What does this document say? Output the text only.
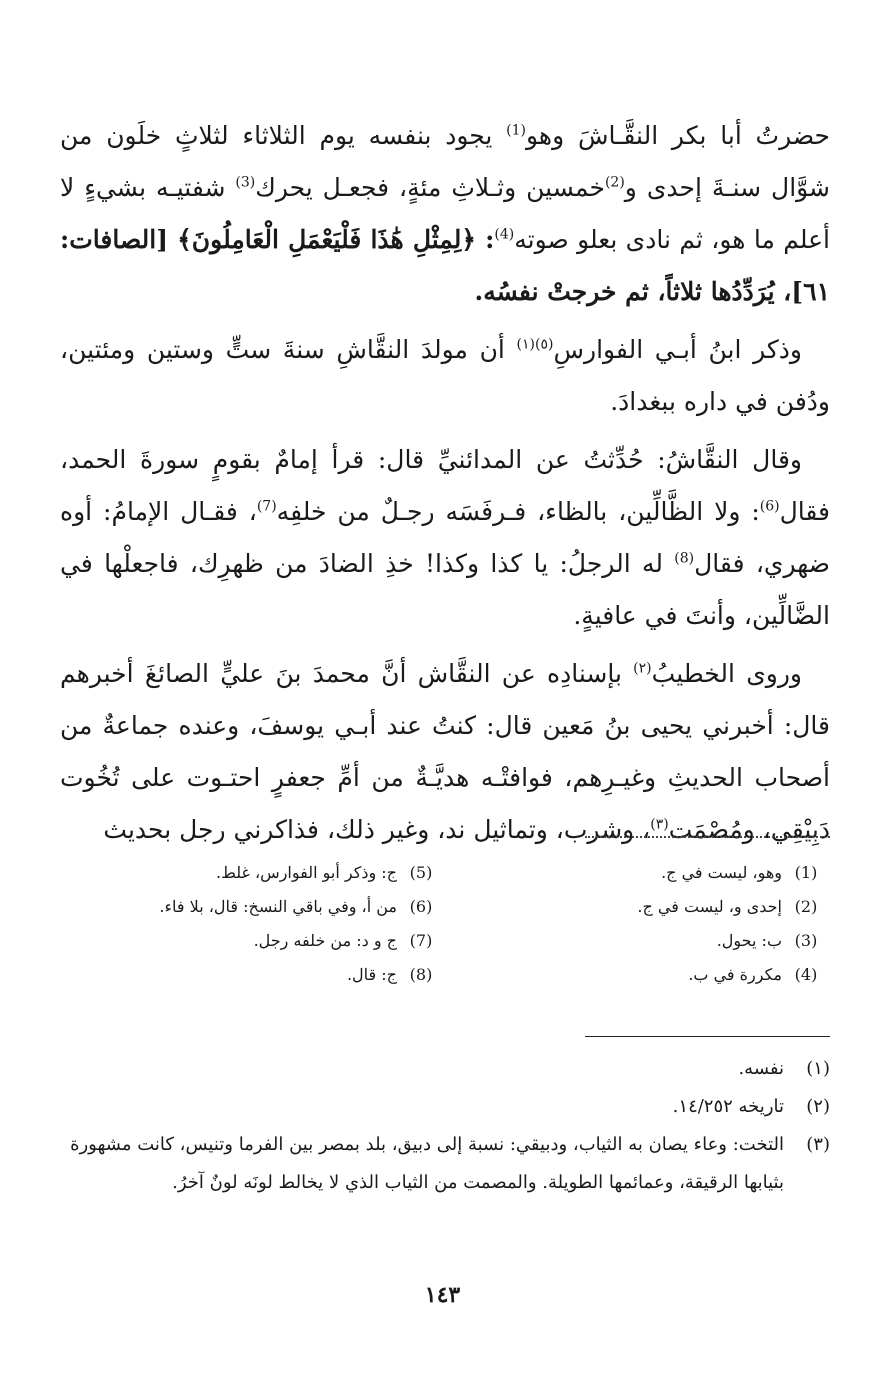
حضرتُ أبا بكر النقَّـاشَ وهو$^{(1)}$ يجود بنفسه يوم الثلاثاء لثلاثٍ خلَون من شوَّال سنـةَ إحدى و$^{(2)}$خمسين وثـلاثِ مئةٍ، فجعـل يحرك$^{(3)}$ شفتيـه بشيءٍ لا أعلم ما هو، ثم نادى بعلو صوته$^{(4)}$: ﴿لِمِثْلِ هَٰذَا فَلْيَعْمَلِ الْعَامِلُونَ﴾ [الصافات: ٦١]، يُرَدِّدُها ثلاثاً، ثم خرجتْ نفسُه.

وذكر ابنُ أبـي الفوارسِ$^{(٥)(١)}$ أن مولدَ النقَّاشِ سنةَ ستٍّ وستين ومئتين، ودُفن في داره ببغدادَ.

وقال النقَّاشُ: حُدِّثتُ عن المدائنيِّ قال: قرأ إمامٌ بقومٍ سورةَ الحمد، فقال$^{(6)}$: ولا الظَّالِّين، بالظاء، فـرفَسَه رجـلٌ من خلفِه$^{(7)}$، فقـال الإمامُ: أوه ضهري، فقال$^{(8)}$ له الرجلُ: يا كذا وكذا! خذِ الضادَ من ظهرِك، فاجعلْها في الضَّالِّين، وأنتَ في عافيةٍ.

وروى الخطيبُ$^{(٢)}$ بإسنادِه عن النقَّاش أنَّ محمدَ بنَ عليٍّ الصائغَ أخبرهم قال: أخبرني يحيى بنُ مَعين قال: كنتُ عند أبـي يوسفَ، وعنده جماعةٌ من أصحاب الحديثِ وغيـرِهم، فوافتْـه هديَّـةٌ من أمِّ جعفرٍ احتـوت على تُخُوت دَبِيْقِي، ومُصْمَت$^{(٣)}$، وشرب، وتماثيل ند، وغير ذلك، فذاكرني رجل بحديث

(1)
وهو، ليست في ج.
(2)
إحدى و، ليست في ج.
(3)
ب: يحول.
(4)
مكررة في ب.
(5)
ج: وذكر أبو الفوارس، غلط.
(6)
من أ، وفي باقي النسخ: قال، بلا فاء.
(7)
ج و د: من خلفه رجل.
(8)
ج: قال.
(١)
نفسه.
(٢)
تاريخه ١٤/٢٥٢.
(٣)
التخت: وعاء يصان به الثياب، ودبيقي: نسبة إلى دبيق، بلد بمصر بين الفرما وتنيس، كانت مشهورة بثيابها الرقيقة، وعمائمها الطويلة. والمصمت من الثياب الذي لا يخالط لونَه لونٌ آخرُ.
١٤٣
